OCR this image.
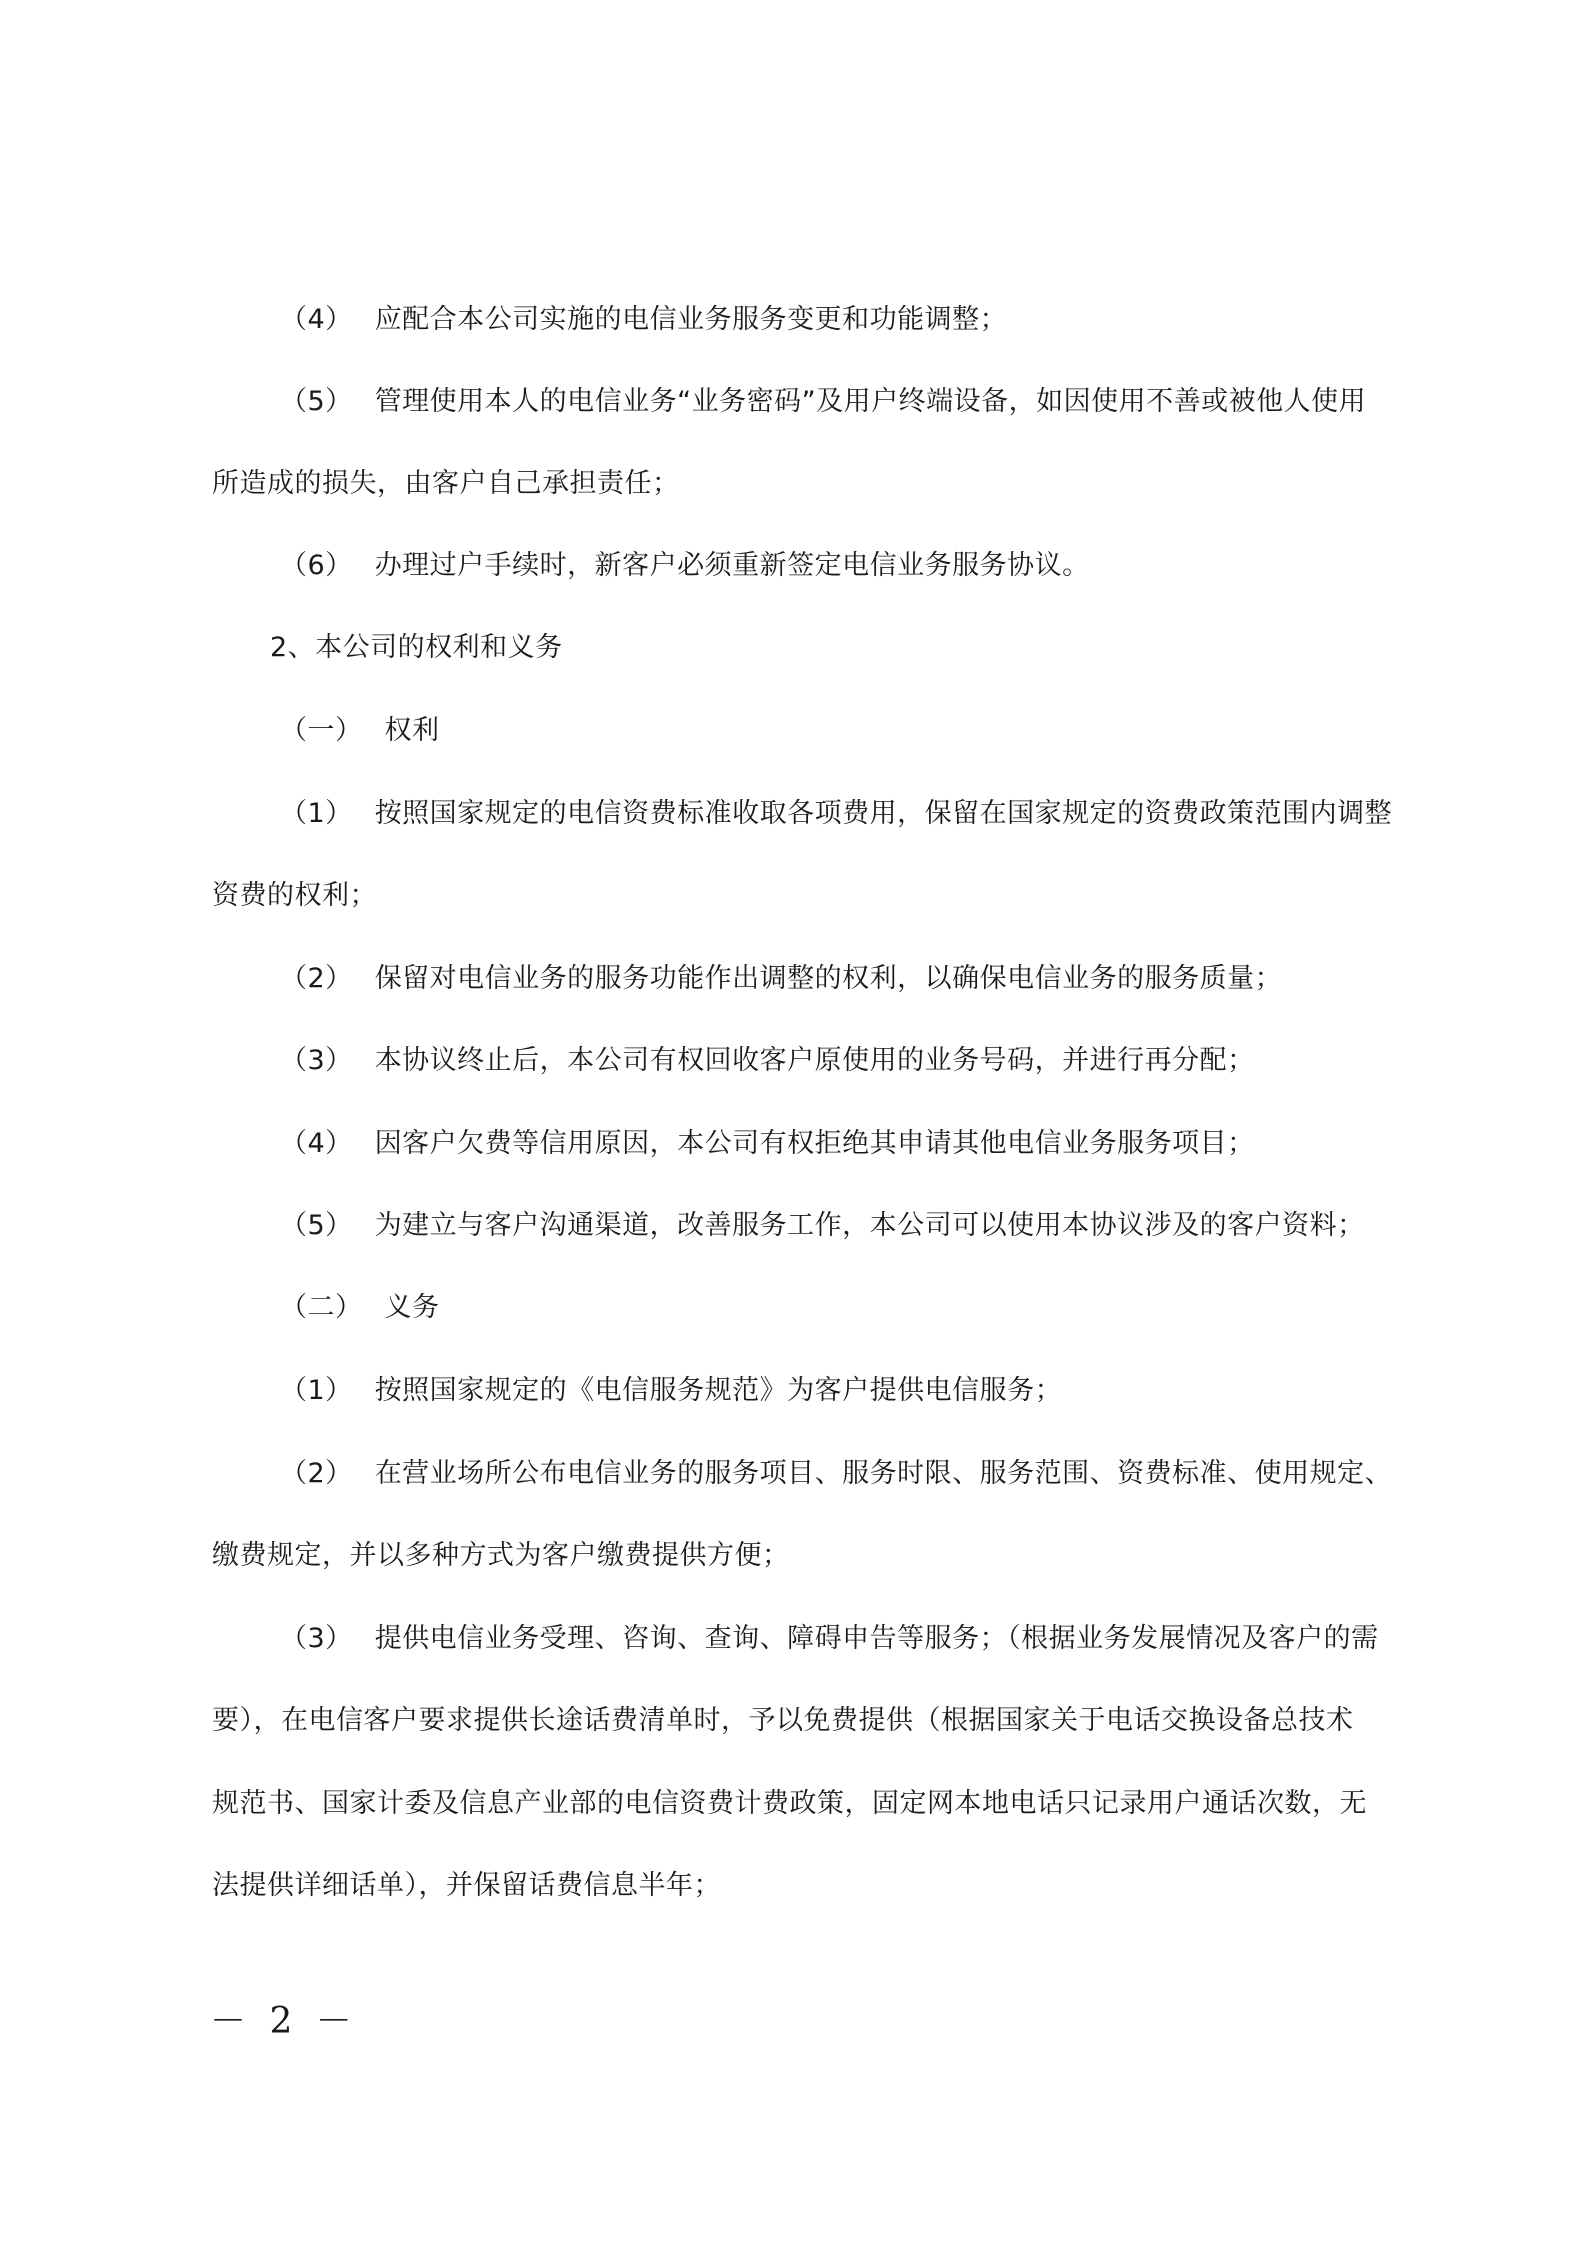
（4） 应配合本公司实施的电信业务服务变更和功能调整；
（5） 管理使用本人的电信业务“业务密码”及用户终端设备，如因使用不善或被他人使用
所造成的损失，由客户自己承担责任；
（6） 办理过户手续时，新客户必须重新签定电信业务服务协议。
2、本公司的权利和义务
（一） 权利
（1） 按照国家规定的电信资费标准收取各项费用，保留在国家规定的资费政策范围内调整
资费的权利；
（2） 保留对电信业务的服务功能作出调整的权利，以确保电信业务的服务质量；
（3） 本协议终止后，本公司有权回收客户原使用的业务号码，并进行再分配；
（4） 因客户欠费等信用原因，本公司有权拒绝其申请其他电信业务服务项目；
（5） 为建立与客户沟通渠道，改善服务工作，本公司可以使用本协议涉及的客户资料；
（二） 义务
（1） 按照国家规定的《电信服务规范》为客户提供电信服务；
（2） 在营业场所公布电信业务的服务项目、服务时限、服务范围、资费标准、使用规定、
缴费规定，并以多种方式为客户缴费提供方便；
（3） 提供电信业务受理、咨询、查询、障碍申告等服务；（根据业务发展情况及客户的需
要），在电信客户要求提供长途话费清单时，予以免费提供（根据国家关于电话交换设备总技术
规范书、国家计委及信息产业部的电信资费计费政策，固定网本地电话只记录用户通话次数，无
法提供详细话单），并保留话费信息半年；
－ 2 －
